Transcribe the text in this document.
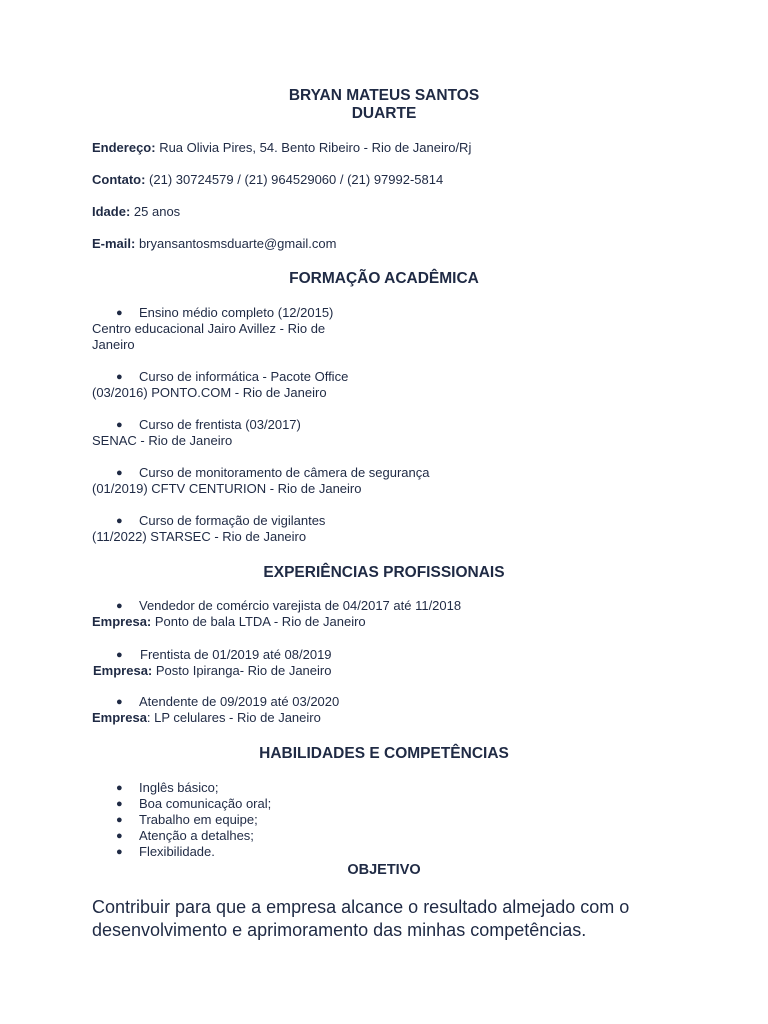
BRYAN MATEUS SANTOS
DUARTE
Endereço: Rua Olivia Pires, 54. Bento Ribeiro - Rio de Janeiro/Rj
Contato: (21) 30724579 / (21) 964529060 / (21) 97992-5814
Idade: 25 anos
E-mail: bryansantosmsduarte@gmail.com
FORMAÇÃO ACADÊMICA
● Ensino médio completo (12/2015)
Centro educacional Jairo Avillez - Rio de
Janeiro
● Curso de informática - Pacote Office
(03/2016) PONTO.COM - Rio de Janeiro
● Curso de frentista (03/2017)
SENAC - Rio de Janeiro
● Curso de monitoramento de câmera de segurança
(01/2019) CFTV CENTURION - Rio de Janeiro
● Curso de formação de vigilantes
(11/2022) STARSEC - Rio de Janeiro
EXPERIÊNCIAS PROFISSIONAIS
● Vendedor de comércio varejista de 04/2017 até 11/2018
Empresa: Ponto de bala LTDA - Rio de Janeiro
● Frentista de 01/2019 até 08/2019
Empresa: Posto Ipiranga- Rio de Janeiro
● Atendente de 09/2019 até 03/2020
Empresa: LP celulares - Rio de Janeiro
HABILIDADES E COMPETÊNCIAS
● Inglês básico;
● Boa comunicação oral;
● Trabalho em equipe;
● Atenção a detalhes;
● Flexibilidade.
OBJETIVO
Contribuir para que a empresa alcance o resultado almejado com o
desenvolvimento e aprimoramento das minhas competências.
